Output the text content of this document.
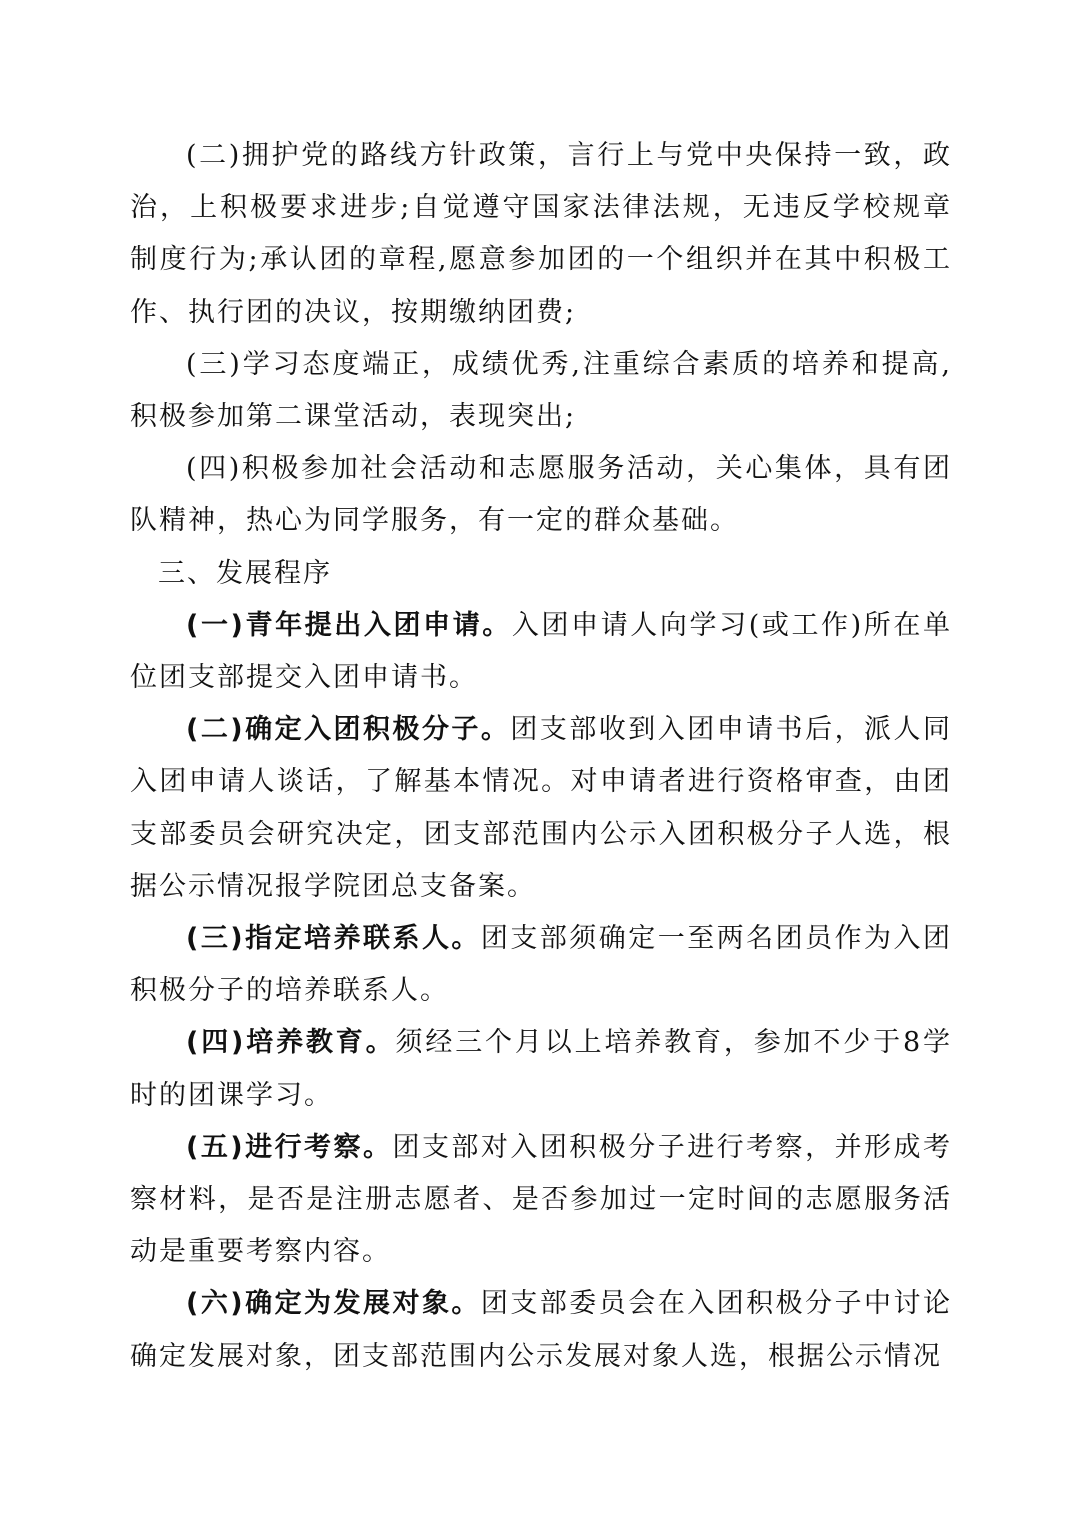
(二)拥护党的路线方针政策，言行上与党中央保持一致，政治，上积极要求进步;自觉遵守国家法律法规，无违反学校规章制度行为;承认团的章程,愿意参加团的一个组织并在其中积极工作、执行团的决议，按期缴纳团费;

(三)学习态度端正，成绩优秀,注重综合素质的培养和提高,积极参加第二课堂活动，表现突出;

(四)积极参加社会活动和志愿服务活动，关心集体，具有团队精神，热心为同学服务，有一定的群众基础。

三、发展程序

(一)青年提出入团申请。入团申请人向学习(或工作)所在单位团支部提交入团申请书。

(二)确定入团积极分子。团支部收到入团申请书后，派人同入团申请人谈话，了解基本情况。对申请者进行资格审查，由团支部委员会研究决定，团支部范围内公示入团积极分子人选，根据公示情况报学院团总支备案。

(三)指定培养联系人。团支部须确定一至两名团员作为入团积极分子的培养联系人。

(四)培养教育。须经三个月以上培养教育，参加不少于8学时的团课学习。

(五)进行考察。团支部对入团积极分子进行考察，并形成考察材料，是否是注册志愿者、是否参加过一定时间的志愿服务活动是重要考察内容。

(六)确定为发展对象。团支部委员会在入团积极分子中讨论确定发展对象，团支部范围内公示发展对象人选，根据公示情况
